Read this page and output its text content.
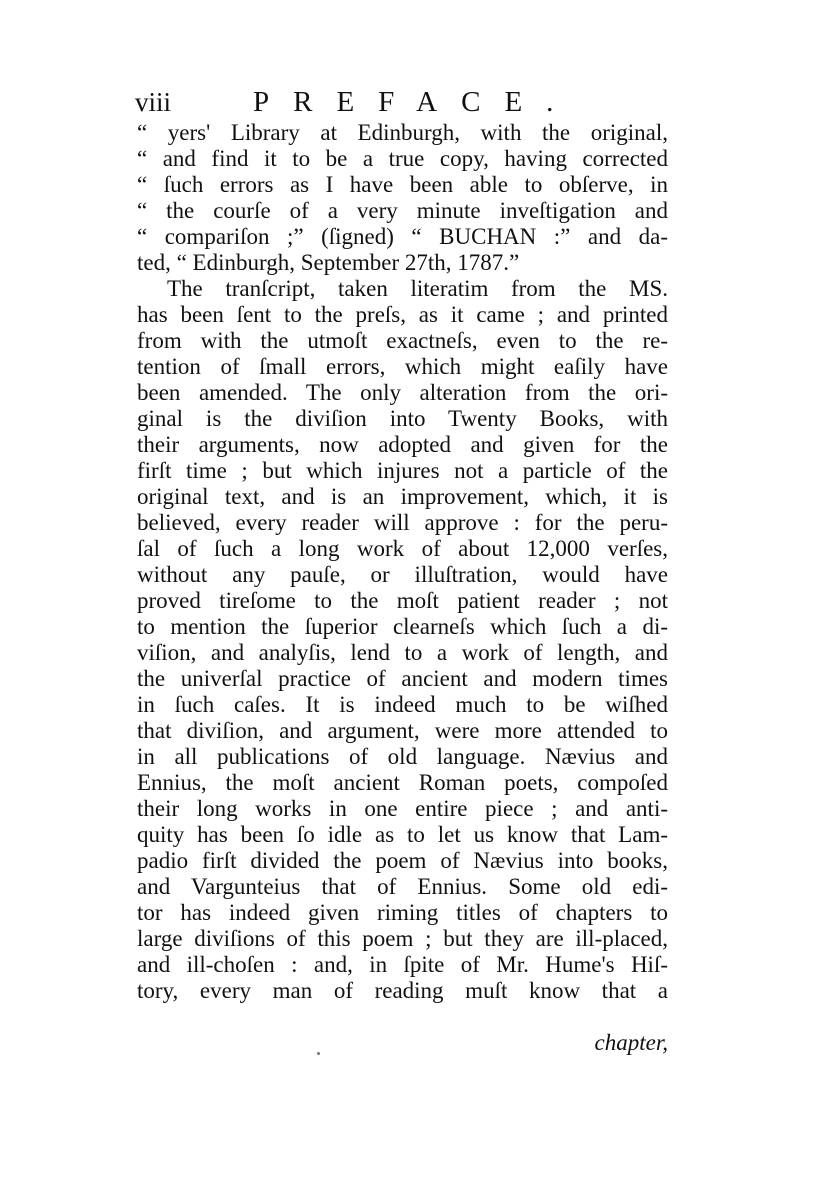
viii	PREFACE.
“ yers' Library at Edinburgh, with the original,
“ and find it to be a true copy, having corrected
“ ſuch errors as I have been able to obſerve, in
“ the courſe of a very minute inveſtigation and
“ compariſon ;” (ſigned) “ BUCHAN :” and da-
ted, “ Edinburgh, September 27th, 1787.”
The tranſcript, taken literatim from the MS.
has been ſent to the preſs, as it came ; and printed
from with the utmoſt exactneſs, even to the re-
tention of ſmall errors, which might eaſily have
been amended. The only alteration from the ori-
ginal is the diviſion into Twenty Books, with
their arguments, now adopted and given for the
firſt time ; but which injures not a particle of the
original text, and is an improvement, which, it is
believed, every reader will approve : for the peru-
ſal of ſuch a long work of about 12,000 verſes,
without any pauſe, or illuſtration, would have
proved tireſome to the moſt patient reader ; not
to mention the ſuperior clearneſs which ſuch a di-
viſion, and analyſis, lend to a work of length, and
the univerſal practice of ancient and modern times
in ſuch caſes. It is indeed much to be wiſhed
that diviſion, and argument, were more attended to
in all publications of old language. Nævius and
Ennius, the moſt ancient Roman poets, compoſed
their long works in one entire piece ; and anti-
quity has been ſo idle as to let us know that Lam-
padio firſt divided the poem of Nævius into books,
and Vargunteius that of Ennius. Some old edi-
tor has indeed given riming titles of chapters to
large diviſions of this poem ; but they are ill-placed,
and ill-choſen : and, in ſpite of Mr. Hume's Hiſ-
tory, every man of reading muſt know that a
chapter,
